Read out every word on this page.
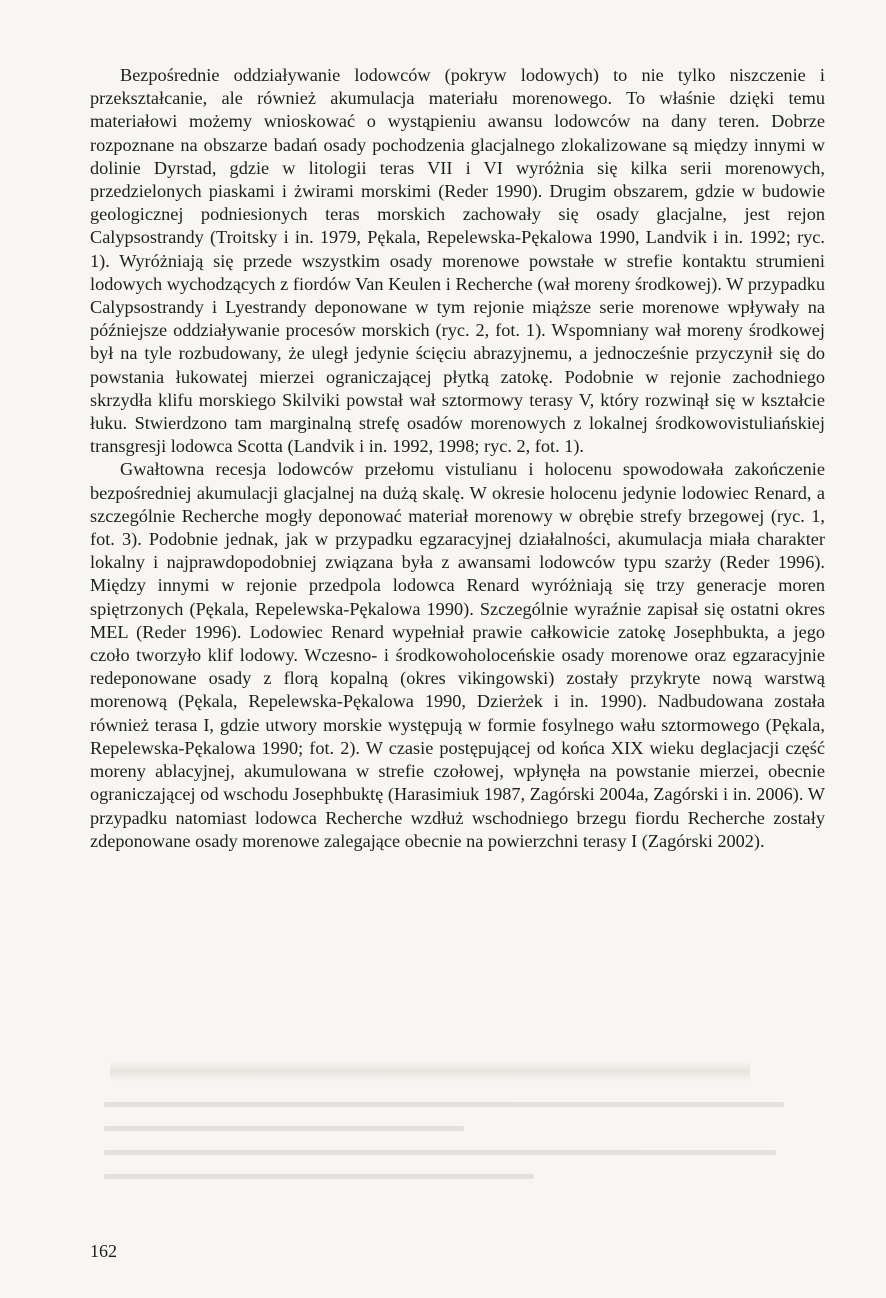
Bezpośrednie oddziaływanie lodowców (pokryw lodowych) to nie tylko niszczenie i przekształcanie, ale również akumulacja materiału morenowego. To właśnie dzięki temu materiałowi możemy wnioskować o wystąpieniu awansu lodowców na dany teren. Dobrze rozpoznane na obszarze badań osady pochodzenia glacjalnego zlokalizowane są między innymi w dolinie Dyrstad, gdzie w litologii teras VII i VI wyróżnia się kilka serii morenowych, przedzielonych piaskami i żwirami morskimi (Reder 1990). Drugim obszarem, gdzie w budowie geologicznej podniesionych teras morskich zachowały się osady glacjalne, jest rejon Calypsostrandy (Troitsky i in. 1979, Pękala, Repelewska-Pękalowa 1990, Landvik i in. 1992; ryc. 1). Wyróżniają się przede wszystkim osady morenowe powstałe w strefie kontaktu strumieni lodowych wychodzących z fiordów Van Keulen i Recherche (wał moreny środkowej). W przypadku Calypsostrandy i Lyestrandy deponowane w tym rejonie miąższe serie morenowe wpływały na późniejsze oddziaływanie procesów morskich (ryc. 2, fot. 1). Wspomniany wał moreny środkowej był na tyle rozbudowany, że uległ jedynie ścięciu abrazyjnemu, a jednocześnie przyczynił się do powstania łukowatej mierzei ograniczającej płytką zatokę. Podobnie w rejonie zachodniego skrzydła klifu morskiego Skilviki powstał wał sztormowy terasy V, który rozwinął się w kształcie łuku. Stwierdzono tam marginalną strefę osadów morenowych z lokalnej środkowovistuliańskiej transgresji lodowca Scotta (Landvik i in. 1992, 1998; ryc. 2, fot. 1).

Gwałtowna recesja lodowców przełomu vistulianu i holocenu spowodowała zakończenie bezpośredniej akumulacji glacjalnej na dużą skalę. W okresie holocenu jedynie lodowiec Renard, a szczególnie Recherche mogły deponować materiał morenowy w obrębie strefy brzegowej (ryc. 1, fot. 3). Podobnie jednak, jak w przypadku egzaracyjnej działalności, akumulacja miała charakter lokalny i najprawdopodobniej związana była z awansami lodowców typu szarży (Reder 1996). Między innymi w rejonie przedpola lodowca Renard wyróżniają się trzy generacje moren spiętrzonych (Pękala, Repelewska-Pękalowa 1990). Szczególnie wyraźnie zapisał się ostatni okres MEL (Reder 1996). Lodowiec Renard wypełniał prawie całkowicie zatokę Josephbukta, a jego czoło tworzyło klif lodowy. Wczesno- i środkowoholoceńskie osady morenowe oraz egzaracyjnie redeponowane osady z florą kopalną (okres vikingowski) zostały przykryte nową warstwą morenową (Pękala, Repelewska-Pękalowa 1990, Dzierżek i in. 1990). Nadbudowana została również terasa I, gdzie utwory morskie występują w formie fosylnego wału sztormowego (Pękala, Repelewska-Pękalowa 1990; fot. 2). W czasie postępującej od końca XIX wieku deglacjacji część moreny ablacyjnej, akumulowana w strefie czołowej, wpłynęła na powstanie mierzei, obecnie ograniczającej od wschodu Josephbuktę (Harasimiuk 1987, Zagórski 2004a, Zagórski i in. 2006). W przypadku natomiast lodowca Recherche wzdłuż wschodniego brzegu fiordu Recherche zostały zdeponowane osady morenowe zalegające obecnie na powierzchni terasy I (Zagórski 2002).

162
